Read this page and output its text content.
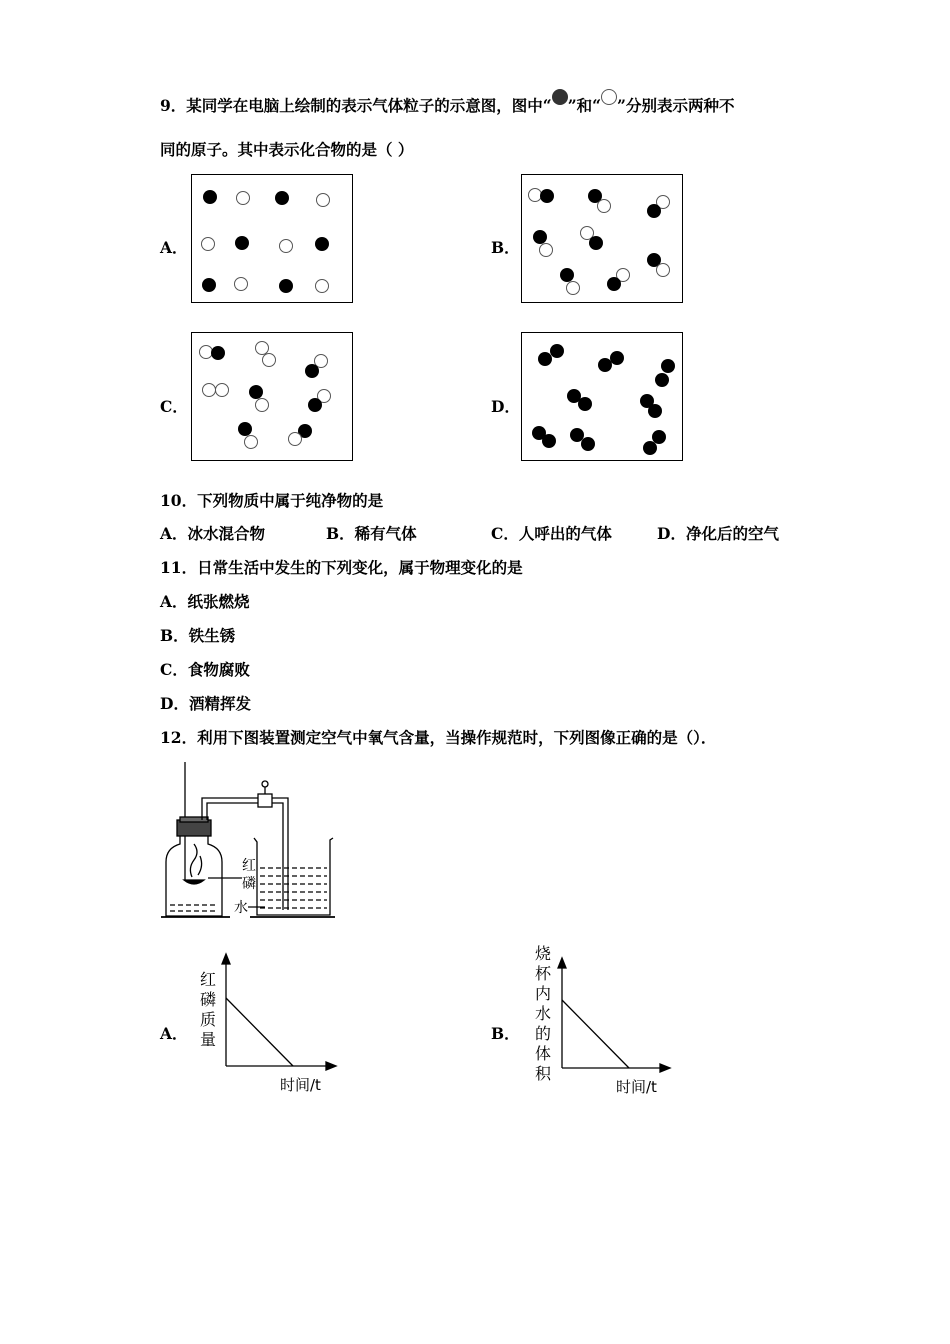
9．某同学在电脑上绘制的表示气体粒子的示意图，图中“ ”和“ ”分别表示两种不
同的原子。其中表示化合物的是（ ）
A．	B．
C．	D．
10．下列物质中属于纯净物的是
A．冰水混合物	B．稀有气体	C．人呼出的气体	D．净化后的空气
11．日常生活中发生的下列变化，属于物理变化的是
A．纸张燃烧
B．铁生锈
C．食物腐败
D．酒精挥发
12．利用下图装置测定空气中氧气含量，当操作规范时，下列图像正确的是（）．
红
磷
水
A．
红
磷
质
量
时间/t
B．
烧
杯
内
水
的
体
积
时间/t
